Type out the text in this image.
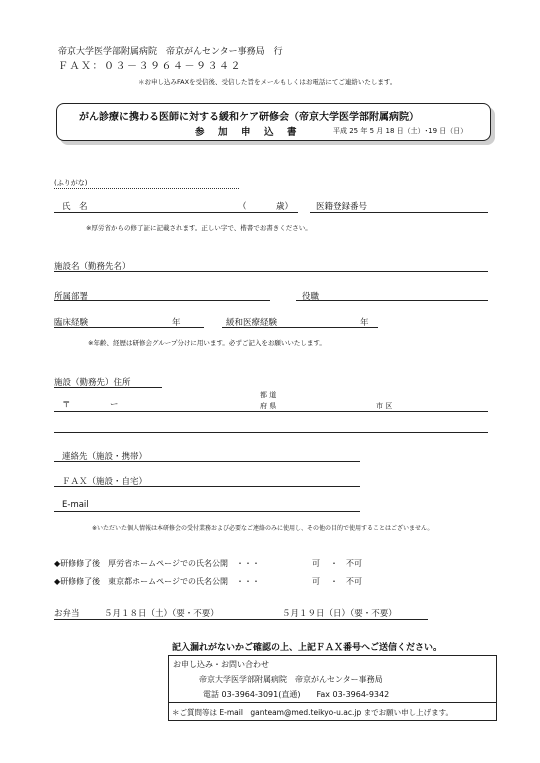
帝京大学医学部附属病院　帝京がんセンター事務局　行
ＦＡＸ：０３－３９６４－９３４２
＊お申し込みFAXを受信後、受信した旨をメールもしくはお電話にてご連絡いたします。
がん診療に携わる医師に対する緩和ケア研修会（帝京大学医学部附属病院）
参　加　申　込　書	平成 25 年 5 月 18 日（土）･19 日（日）
(ふりがな)
氏　名	（	歳）	医籍登録番号
※厚労省からの修了証に記載されます。正しい字で、楷書でお書きください。
施設名（勤務先名）
所属部署	役職
臨床経験	年	緩和医療経験	年
※年齢、経歴は研修会グループ分けに用います。必ずご記入をお願いいたします。
施設（勤務先）住所
都 道
〒	ー	府 県	市 区
連絡先（施設・携帯）
ＦＡＸ（施設・自宅）
E-mail
※いただいた個人情報は本研修会の受付業務および必要なご連絡のみに使用し、その他の目的で使用することはございません。
◆研修修了後　厚労省ホームページでの氏名公開　・・・	可 ・ 不可
◆研修修了後　東京都ホームページでの氏名公開　・・・	可 ・ 不可
お弁当	５月１８日（土）（要・不要）	５月１９日（日）（要・不要）
記入漏れがないかご確認の上、上記ＦＡＸ番号へご送信ください。
お申し込み・お問い合わせ
帝京大学医学部附属病院　帝京がんセンター事務局
電話 03-3964-3091(直通)　　Fax 03-3964-9342
＊ご質問等は E-mail　ganteam@med.teikyo-u.ac.jp までお願い申し上げます。
